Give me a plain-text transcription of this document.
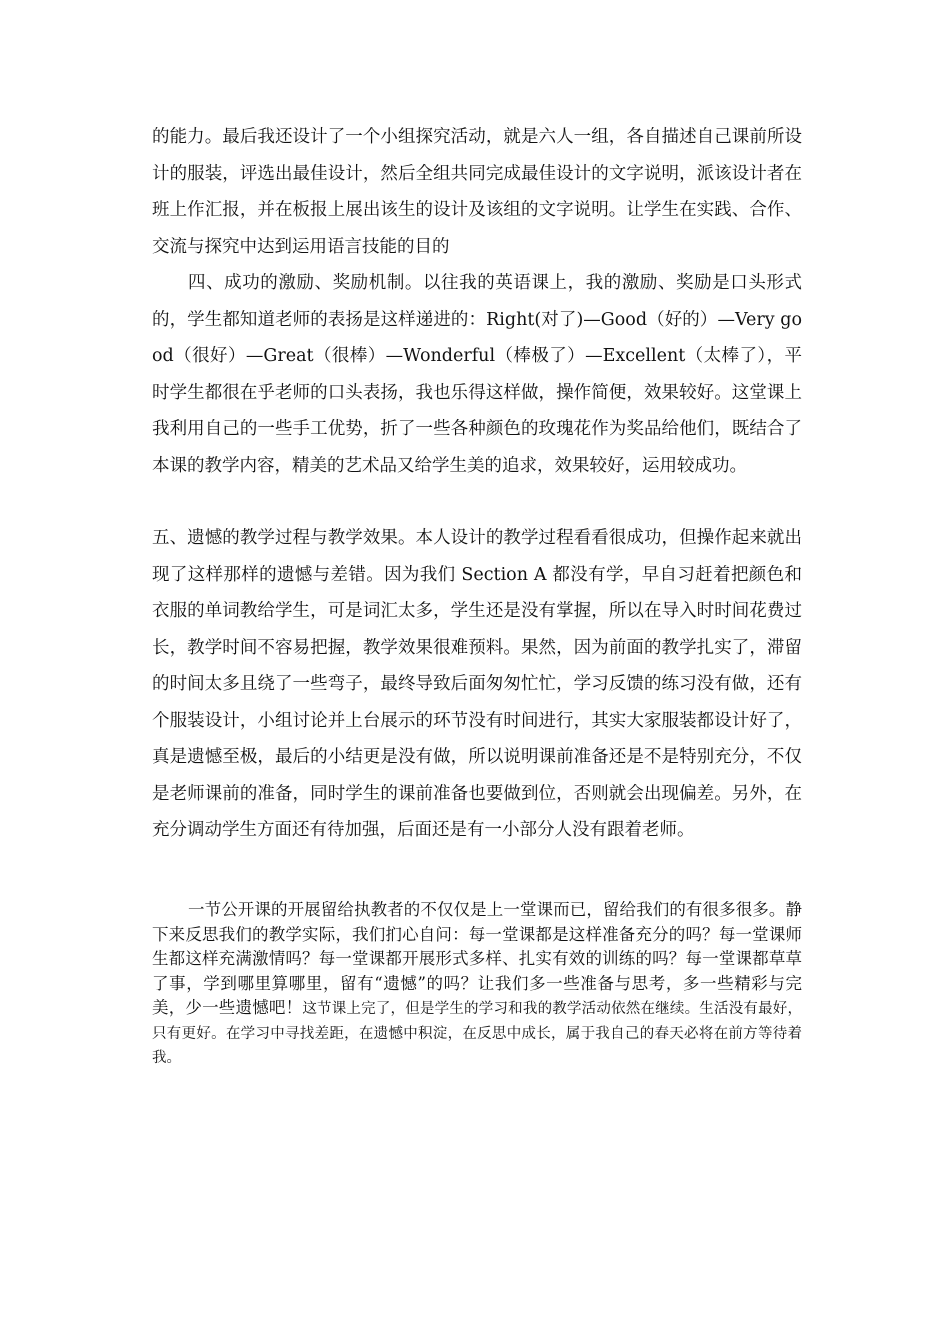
的能力。最后我还设计了一个小组探究活动，就是六人一组，各自描述自己课前所设计的服装，评选出最佳设计，然后全组共同完成最佳设计的文字说明，派该设计者在班上作汇报，并在板报上展出该生的设计及该组的文字说明。让学生在实践、合作、交流与探究中达到运用语言技能的目的

四、成功的激励、奖励机制。以往我的英语课上，我的激励、奖励是口头形式的，学生都知道老师的表扬是这样递进的：Right(对了)—Good（好的）—Very good（很好）—Great（很棒）—Wonderful（棒极了）—Excellent（太棒了），平时学生都很在乎老师的口头表扬，我也乐得这样做，操作简便，效果较好。这堂课上我利用自己的一些手工优势，折了一些各种颜色的玫瑰花作为奖品给他们，既结合了本课的教学内容，精美的艺术品又给学生美的追求，效果较好，运用较成功。

五、遗憾的教学过程与教学效果。本人设计的教学过程看看很成功，但操作起来就出现了这样那样的遗憾与差错。因为我们 Section A 都没有学，早自习赶着把颜色和衣服的单词教给学生，可是词汇太多，学生还是没有掌握，所以在导入时时间花费过长，教学时间不容易把握，教学效果很难预料。果然，因为前面的教学扎实了，滞留的时间太多且绕了一些弯子，最终导致后面匆匆忙忙，学习反馈的练习没有做，还有个服装设计，小组讨论并上台展示的环节没有时间进行，其实大家服装都设计好了，真是遗憾至极，最后的小结更是没有做，所以说明课前准备还是不是特别充分，不仅是老师课前的准备，同时学生的课前准备也要做到位，否则就会出现偏差。另外，在充分调动学生方面还有待加强，后面还是有一小部分人没有跟着老师。

一节公开课的开展留给执教者的不仅仅是上一堂课而已，留给我们的有很多很多。静下来反思我们的教学实际，我们扪心自问：每一堂课都是这样准备充分的吗？每一堂课师生都这样充满激情吗？每一堂课都开展形式多样、扎实有效的训练的吗？每一堂课都草草了事，学到哪里算哪里，留有“遗憾”的吗？让我们多一些准备与思考，多一些精彩与完美，少一些遗憾吧！这节课上完了，但是学生的学习和我的教学活动依然在继续。生活没有最好，只有更好。在学习中寻找差距，在遗憾中积淀，在反思中成长，属于我自己的春天必将在前方等待着我。
